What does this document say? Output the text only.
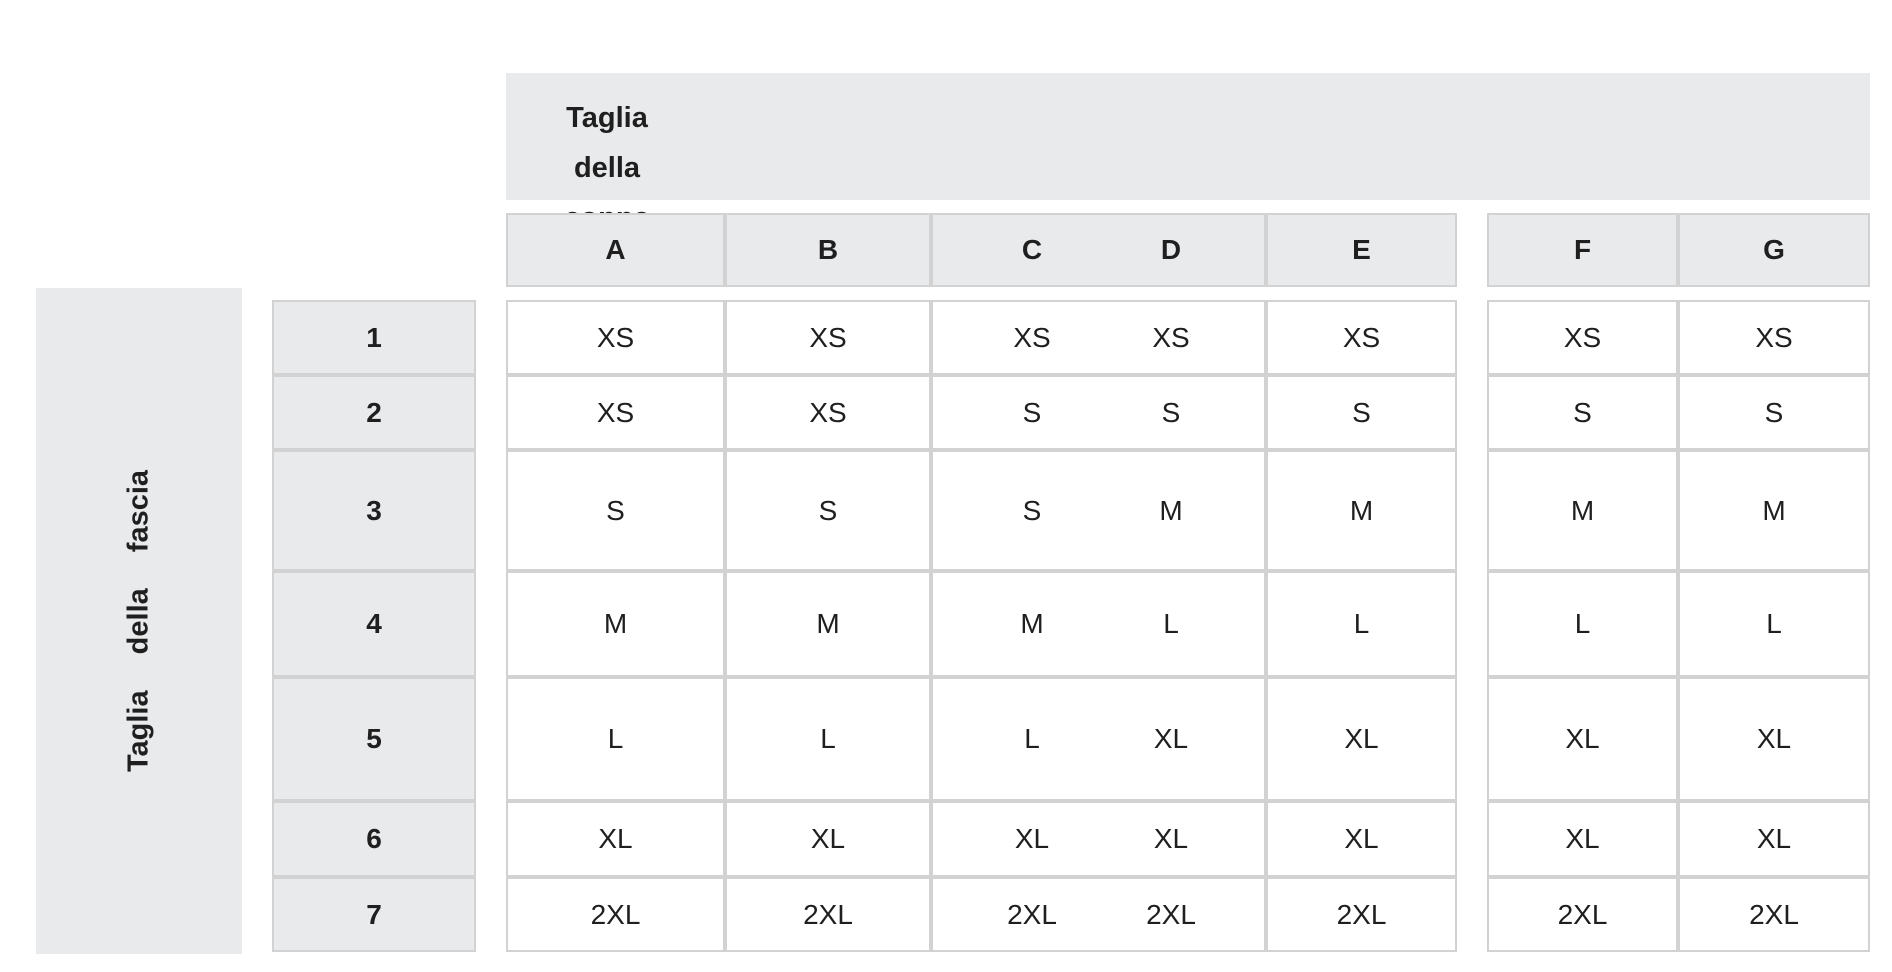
Taglia della
Taglia della fascia
A	B	C	D	E	F	G
1	XS	XS	XS	XS	XS	XS	XS
2	XS	XS	S	S	S	S	S
3	S	S	S	M	M	M	M
4	M	M	M	L	L	L	L
5	L	L	L	XL	XL	XL	XL
6	XL	XL	XL	XL	XL	XL	XL
7	2XL	2XL	2XL	2XL	2XL	2XL	2XL
